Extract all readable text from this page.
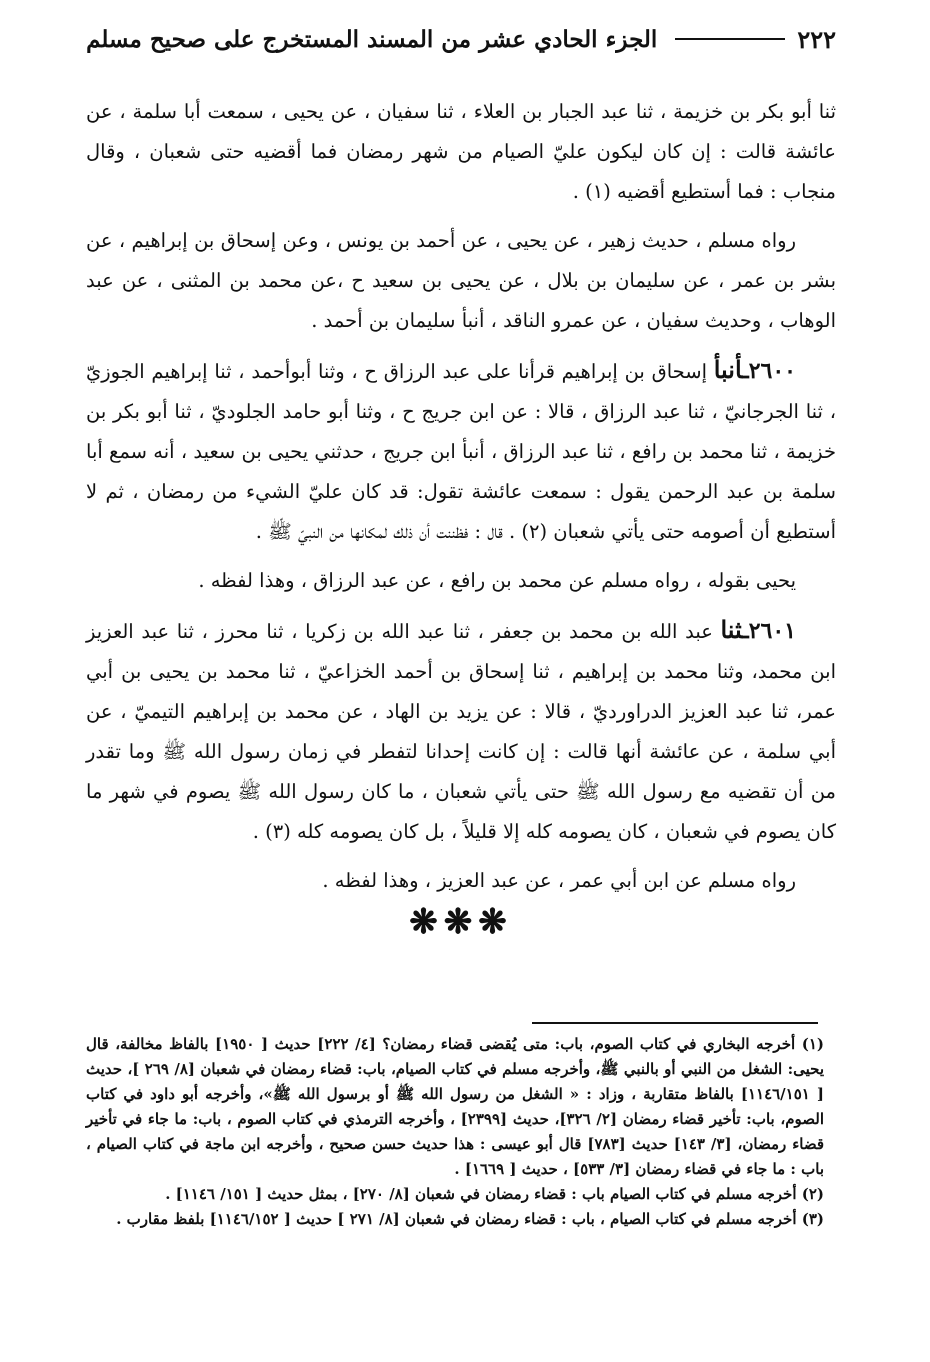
٢٢٢
الجزء الحادي عشر من المسند المستخرج على صحيح مسلم

ثنا أبو بكر بن خزيمة ، ثنا عبد الجبار بن العلاء ، ثنا سفيان ، عن يحيى ، سمعت أبا سلمة ، عن عائشة قالت : إن كان ليكون عليّ الصيام من شهر رمضان فما أقضيه حتى شعبان ، وقال منجاب : فما أستطيع أقضيه (١) .

رواه مسلم ، حديث زهير ، عن يحيى ، عن أحمد بن يونس ، وعن إسحاق بن إبراهيم ، عن بشر بن عمر ، عن سليمان بن بلال ، عن يحيى بن سعيد ح ،عن محمد بن المثنى ، عن عبد الوهاب ، وحديث سفيان ، عن عمرو الناقد ، أنبأ سليمان بن أحمد .

٢٦٠٠ـأنبأ إسحاق بن إبراهيم قرأنا على عبد الرزاق ح ، وثنا أبوأحمد ، ثنا إبراهيم الجوزيّ ، ثنا الجرجانيّ ، ثنا عبد الرزاق ، قالا : عن ابن جريج ح ، وثنا أبو حامد الجلوديّ ، ثنا أبو بكر بن خزيمة ، ثنا محمد بن رافع ، ثنا عبد الرزاق ، أنبأ ابن جريج ، حدثني يحيى بن سعيد ، أنه سمع أبا سلمة بن عبد الرحمن يقول : سمعت عائشة تقول: قد كان عليّ الشيء من رمضان ، ثم لا أستطيع أن أصومه حتى يأتي شعبان (٢) . قال : فظننت أن ذلك لمكانها من النبيّ ﷺ .

يحيى بقوله ، رواه مسلم عن محمد بن رافع ، عن عبد الرزاق ، وهذا لفظه .

٢٦٠١ـثنا عبد الله بن محمد بن جعفر ، ثنا عبد الله بن زكريا ، ثنا محرز ، ثنا عبد العزيز ابن محمد، وثنا محمد بن إبراهيم ، ثنا إسحاق بن أحمد الخزاعيّ ، ثنا محمد بن يحيى بن أبي عمر، ثنا عبد العزيز الدراورديّ ، قالا : عن يزيد بن الهاد ، عن محمد بن إبراهيم التيميّ ، عن أبي سلمة ، عن عائشة أنها قالت : إن كانت إحدانا لتفطر في زمان رسول الله ﷺ وما تقدر من أن تقضيه مع رسول الله ﷺ حتى يأتي شعبان ، ما كان رسول الله ﷺ يصوم في شهر ما كان يصوم في شعبان ، كان يصومه كله إلا قليلاً ، بل كان يصومه كله (٣) .

رواه مسلم عن ابن أبي عمر ، عن عبد العزيز ، وهذا لفظه .

❋❋❋

(١) أخرجه البخاري في كتاب الصوم، باب: متى يُقضى قضاء رمضان؟ [٤/ ٢٢٢] حديث [ ١٩٥٠] بالفاظ مخالفة، قال يحيى: الشغل من النبي أو بالنبي ﷺ، وأخرجه مسلم في كتاب الصيام، باب: قضاء رمضان في شعبان [٨/ ٢٦٩ ]، حديث [ ١١٤٦/١٥١] بالفاظ متقاربة ، وزاد : « الشغل من رسول الله ﷺ أو برسول الله ﷺ»، وأخرجه أبو داود في كتاب الصوم، باب: تأخير قضاء رمضان [٢/ ٣٢٦]، حديث [٢٣٩٩] ، وأخرجه الترمذي في كتاب الصوم ، باب: ما جاء في تأخير قضاء رمضان، [٣/ ١٤٣] حديث [٧٨٣] قال أبو عيسى : هذا حديث حسن صحيح ، وأخرجه ابن ماجة في كتاب الصيام ، باب : ما جاء في قضاء رمضان [٣/ ٥٣٣] ، حديث [ ١٦٦٩] .

(٢) أخرجه مسلم في كتاب الصيام باب : قضاء رمضان في شعبان [٨/ ٢٧٠] ، بمثل حديث [ ١٥١/ ١١٤٦] .

(٣) أخرجه مسلم في كتاب الصيام ، باب : قضاء رمضان في شعبان [٨/ ٢٧١ ] حديث [ ١١٤٦/١٥٢] بلفظ مقارب .
